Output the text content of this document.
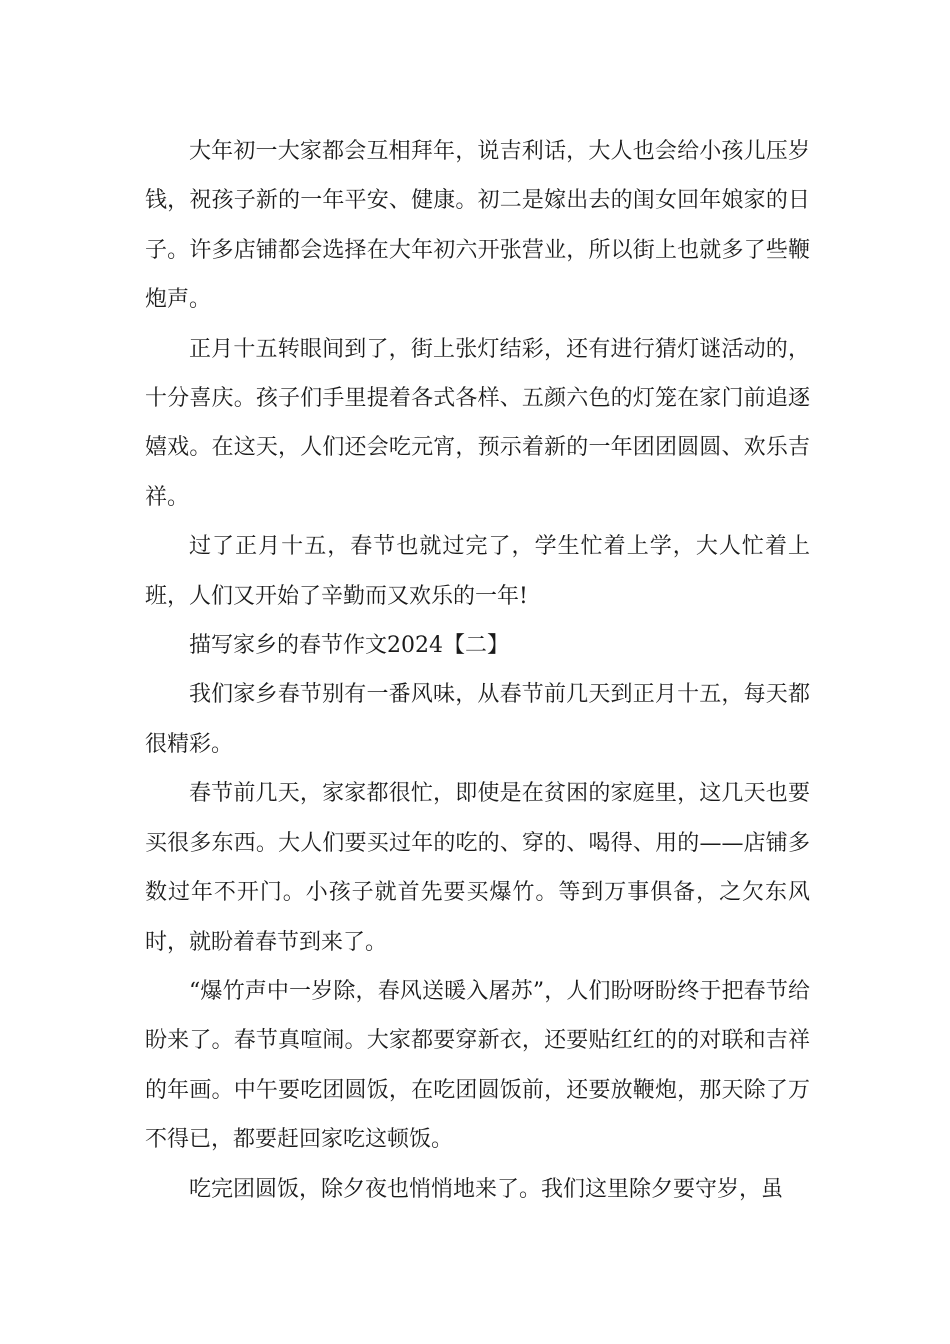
大年初一大家都会互相拜年，说吉利话，大人也会给小孩儿压岁钱，祝孩子新的一年平安、健康。初二是嫁出去的闺女回年娘家的日子。许多店铺都会选择在大年初六开张营业，所以街上也就多了些鞭炮声。

正月十五转眼间到了，街上张灯结彩，还有进行猜灯谜活动的，十分喜庆。孩子们手里提着各式各样、五颜六色的灯笼在家门前追逐嬉戏。在这天，人们还会吃元宵，预示着新的一年团团圆圆、欢乐吉祥。

过了正月十五，春节也就过完了，学生忙着上学，大人忙着上班，人们又开始了辛勤而又欢乐的一年!

描写家乡的春节作文2024【二】

我们家乡春节别有一番风味，从春节前几天到正月十五，每天都很精彩。

春节前几天，家家都很忙，即使是在贫困的家庭里，这几天也要买很多东西。大人们要买过年的吃的、穿的、喝得、用的——店铺多数过年不开门。小孩子就首先要买爆竹。等到万事俱备，之欠东风时，就盼着春节到来了。

“爆竹声中一岁除，春风送暖入屠苏”，人们盼呀盼终于把春节给盼来了。春节真喧闹。大家都要穿新衣，还要贴红红的的对联和吉祥的年画。中午要吃团圆饭，在吃团圆饭前，还要放鞭炮，那天除了万不得已，都要赶回家吃这顿饭。

吃完团圆饭，除夕夜也悄悄地来了。我们这里除夕要守岁，虽
